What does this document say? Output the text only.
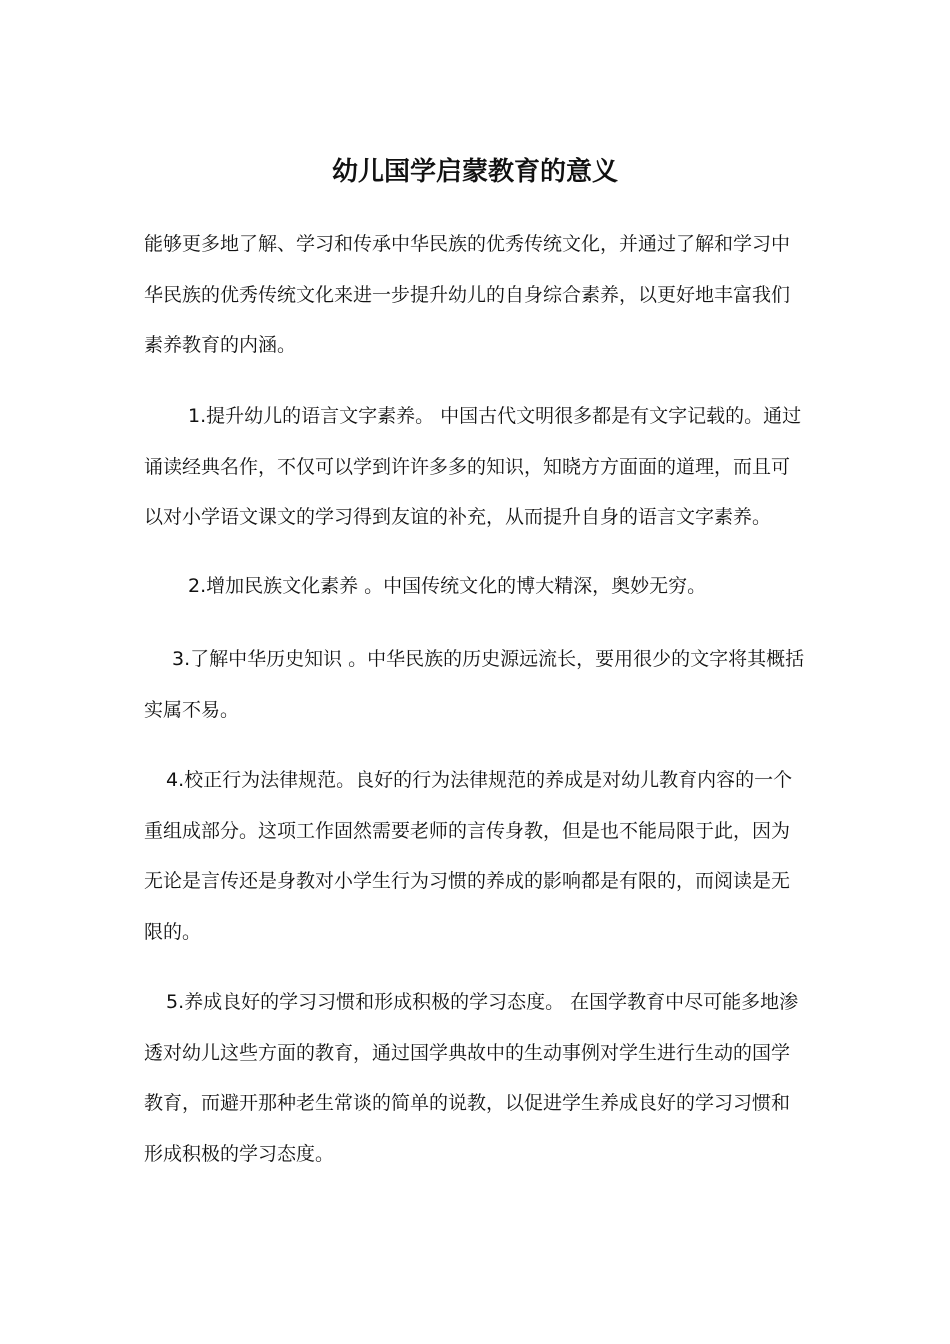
幼儿国学启蒙教育的意义
能够更多地了解、学习和传承中华民族的优秀传统文化，并通过了解和学习中
华民族的优秀传统文化来进一步提升幼儿的自身综合素养，以更好地丰富我们
素养教育的内涵。
1.提升幼儿的语言文字素养。 中国古代文明很多都是有文字记载的。通过
诵读经典名作，不仅可以学到许许多多的知识，知晓方方面面的道理，而且可
以对小学语文课文的学习得到友谊的补充，从而提升自身的语言文字素养。
2.增加民族文化素养 。中国传统文化的博大精深，奥妙无穷。
3.了解中华历史知识 。中华民族的历史源远流长，要用很少的文字将其概括
实属不易。
4.校正行为法律规范。良好的行为法律规范的养成是对幼儿教育内容的一个
重组成部分。这项工作固然需要老师的言传身教，但是也不能局限于此，因为
无论是言传还是身教对小学生行为习惯的养成的影响都是有限的，而阅读是无
限的。
5.养成良好的学习习惯和形成积极的学习态度。 在国学教育中尽可能多地渗
透对幼儿这些方面的教育，通过国学典故中的生动事例对学生进行生动的国学
教育，而避开那种老生常谈的简单的说教，以促进学生养成良好的学习习惯和
形成积极的学习态度。
